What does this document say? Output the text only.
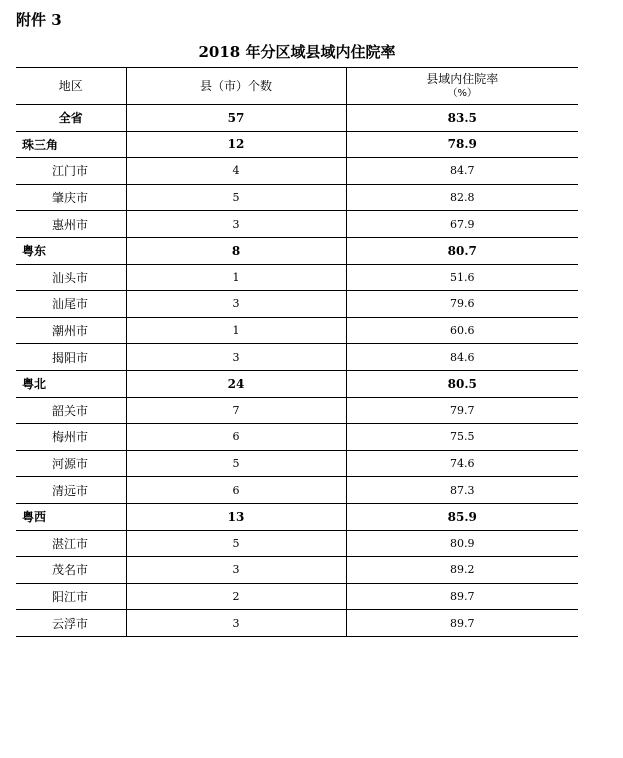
附件 3
2018 年分区域县域内住院率
地区	县（市）个数	县域内住院率
（%）

全省	57	83.5
珠三角	12	78.9
江门市	4	84.7
肇庆市	5	82.8
惠州市	3	67.9
粤东	8	80.7
汕头市	1	51.6
汕尾市	3	79.6
潮州市	1	60.6
揭阳市	3	84.6
粤北	24	80.5
韶关市	7	79.7
梅州市	6	75.5
河源市	5	74.6
清远市	6	87.3
粤西	13	85.9
湛江市	5	80.9
茂名市	3	89.2
阳江市	2	89.7
云浮市	3	89.7
